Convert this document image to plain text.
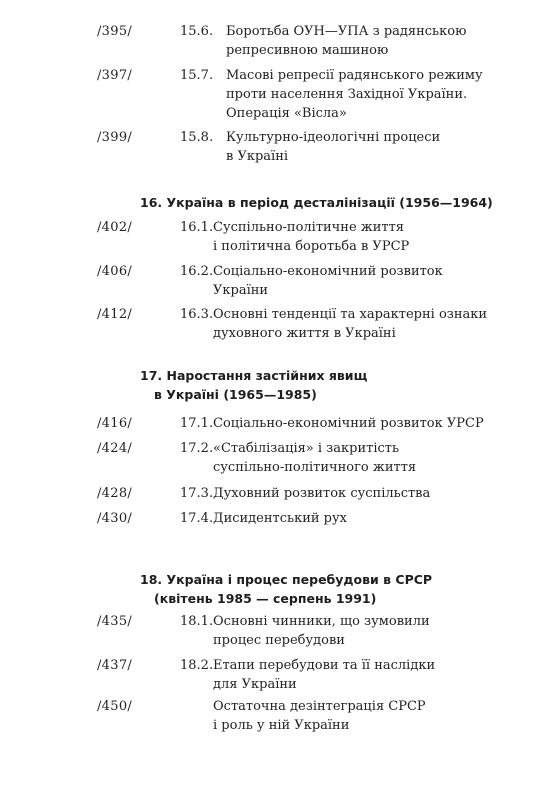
/395/	15.6. Боротьба ОУН—УПА з радянською
репресивною машиною
/397/	15.7. Масові репресії радянського режиму
проти населення Західної України.
Операція «Вісла»
/399/	15.8. Культурно-ідеологічні процеси
в Україні
16. Україна в період десталінізації (1956—1964)
/402/	16.1. Суспільно-політичне життя
і політична боротьба в УРСР
/406/	16.2. Соціально-економічний розвиток
України
/412/	16.3. Основні тенденції та характерні ознаки
духовного життя в Україні
17. Наростання застійних явищ
в Україні (1965—1985)
/416/	17.1. Соціально-економічний розвиток УРСР
/424/	17.2. «Стабілізація» і закритість
суспільно-політичного життя
/428/	17.3. Духовний розвиток суспільства
/430/	17.4. Дисидентський рух
18. Україна і процес перебудови в СРСР
(квітень 1985 — серпень 1991)
/435/	18.1. Основні чинники, що зумовили
процес перебудови
/437/	18.2. Етапи перебудови та її наслідки
для України
/450/	Остаточна дезінтеграція СРСР
і роль у ній України
